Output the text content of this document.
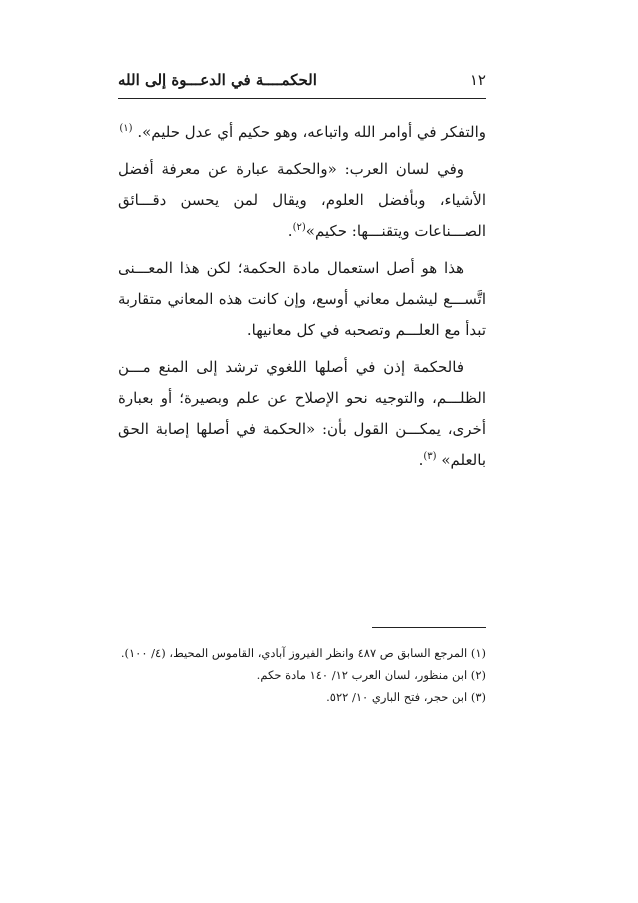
١٢
الحكمــــة في الدعـــوة إلى الله

والتفكر في أوامر الله واتباعه، وهو حكيم أي عدل حليم». $^{(١)}$

وفي لسان العرب: «والحكمة عبارة عن معرفة أفضل الأشياء، وبأفضل العلوم، ويقال لمن يحسن دقـــائق الصـــناعات ويتقنـــها: حكيم»$^{(٢)}$.

هذا هو أصل استعمال مادة الحكمة؛ لكن هذا المعـــنى اتَّســـع ليشمل معاني أوسع، وإن كانت هذه المعاني متقاربة تبدأ مع العلـــم وتصحبه في كل معانيها.

فالحكمة إذن في أصلها اللغوي ترشد إلى المنع مـــن الظلـــم، والتوجيه نحو الإصلاح عن علم وبصيرة؛ أو بعبارة أخرى، يمكـــن القول بأن: «الحكمة في أصلها إصابة الحق بالعلم» $^{(٣)}$.

(١) المرجع السابق ص ٤٨٧ وانظر الفيروز آبادي، القاموس المحيط، (٤/ ١٠٠).
(٢) ابن منظور، لسان العرب ١٢/ ١٤٠ مادة حكم.
(٣) ابن حجر، فتح الباري ١٠/ ٥٢٢.
